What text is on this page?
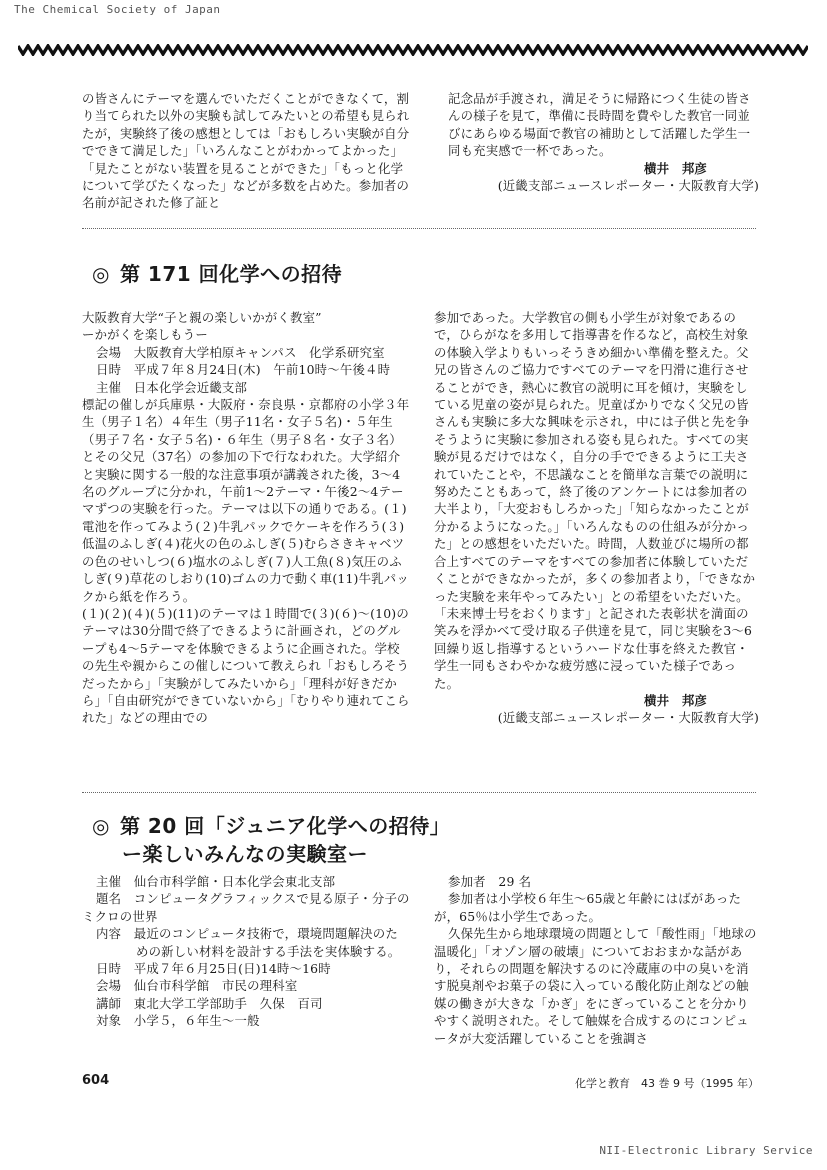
The Chemical Society of Japan

の皆さんにテーマを選んでいただくことができなくて，割り当てられた以外の実験も試してみたいとの希望も見られたが，実験終了後の感想としては「おもしろい実験が自分でできて満足した」「いろんなことがわかってよかった」「見たことがない装置を見ることができた」「もっと化学について学びたくなった」などが多数を占めた。参加者の名前が記された修了証と

記念品が手渡され，満足そうに帰路につく生徒の皆さんの様子を見て，準備に長時間を費やした教官一同並びにあらゆる場面で教官の補助として活躍した学生一同も充実感で一杯であった。

横井　邦彦

(近畿支部ニュースレポーター・大阪教育大学)

◎ 第 171 回化学への招待

大阪教育大学“子と親の楽しいかがく教室”

ーかがくを楽しもうー

会場　大阪教育大学柏原キャンパス　化学系研究室

日時　平成７年８月24日(木)　午前10時〜午後４時

主催　日本化学会近畿支部

標記の催しが兵庫県・大阪府・奈良県・京都府の小学３年生（男子１名）４年生（男子11名・女子５名)・５年生（男子７名・女子５名)・６年生（男子８名・女子３名）とその父兄（37名）の参加の下で行なわれた。大学紹介と実験に関する一般的な注意事項が講義された後，3〜4名のグループに分かれ，午前1〜2テーマ・午後2〜4テーマずつの実験を行った。テーマは以下の通りである。(１)電池を作ってみよう(２)牛乳パックでケーキを作ろう(３)低温のふしぎ(４)花火の色のふしぎ(５)むらさきキャベツの色のせいしつ(６)塩水のふしぎ(７)人工魚(８)気圧のふしぎ(９)草花のしおり(10)ゴムの力で動く車(11)牛乳パックから紙を作ろう。

(１)(２)(４)(５)(11)のテーマは１時間で(３)(６)〜(10)のテーマは30分間で終了できるように計画され，どのグループも4〜5テーマを体験できるように企画された。学校の先生や親からこの催しについて教えられ「おもしろそうだったから」「実験がしてみたいから」「理科が好きだから」「自由研究ができていないから」「むりやり連れてこられた」などの理由での

参加であった。大学教官の側も小学生が対象であるので，ひらがなを多用して指導書を作るなど，高校生対象の体験入学よりもいっそうきめ細かい準備を整えた。父兄の皆さんのご協力ですべてのテーマを円滑に進行させることができ，熱心に教官の説明に耳を傾け，実験をしている児童の姿が見られた。児童ばかりでなく父兄の皆さんも実験に多大な興味を示され，中には子供と先を争そうように実験に参加される姿も見られた。すべての実験が見るだけではなく，自分の手でできるように工夫されていたことや，不思議なことを簡単な言葉での説明に努めたこともあって，終了後のアンケートには参加者の大半より，「大変おもしろかった」「知らなかったことが分かるようになった。」「いろんなものの仕組みが分かった」との感想をいただいた。時間，人数並びに場所の都合上すべてのテーマをすべての参加者に体験していただくことができなかったが，多くの参加者より，「できなかった実験を来年やってみたい」との希望をいただいた。「未来博士号をおくります」と記された表彰状を満面の笑みを浮かべて受け取る子供達を見て，同じ実験を3〜6回繰り返し指導するというハードな仕事を終えた教官・学生一同もさわやかな疲労感に浸っていた様子であった。

横井　邦彦

(近畿支部ニュースレポーター・大阪教育大学)

◎ 第 20 回「ジュニア化学への招待」
ー楽しいみんなの実験室ー

主催　仙台市科学館・日本化学会東北支部

題名　コンピュータグラフィックスで見る原子・分子のミクロの世界

内容　最近のコンピュータ技術で，環境問題解決のための新しい材料を設計する手法を実体験する。

日時　平成７年６月25日(日)14時〜16時

会場　仙台市科学館　市民の理科室

講師　東北大学工学部助手　久保　百司

対象　小学５，６年生〜一般

参加者　29 名

参加者は小学校６年生〜65歳と年齢にはばがあったが，65％は小学生であった。

久保先生から地球環境の問題として「酸性雨」「地球の温暖化」「オゾン層の破壊」についておおまかな話があり，それらの問題を解決するのに冷蔵庫の中の臭いを消す脱臭剤やお菓子の袋に入っている酸化防止剤などの触媒の働きが大きな「かぎ」をにぎっていることを分かりやすく説明された。そして触媒を合成するのにコンピュータが大変活躍していることを強調さ

604	化学と教育　43 巻 9 号（1995 年）
NII-Electronic Library Service
